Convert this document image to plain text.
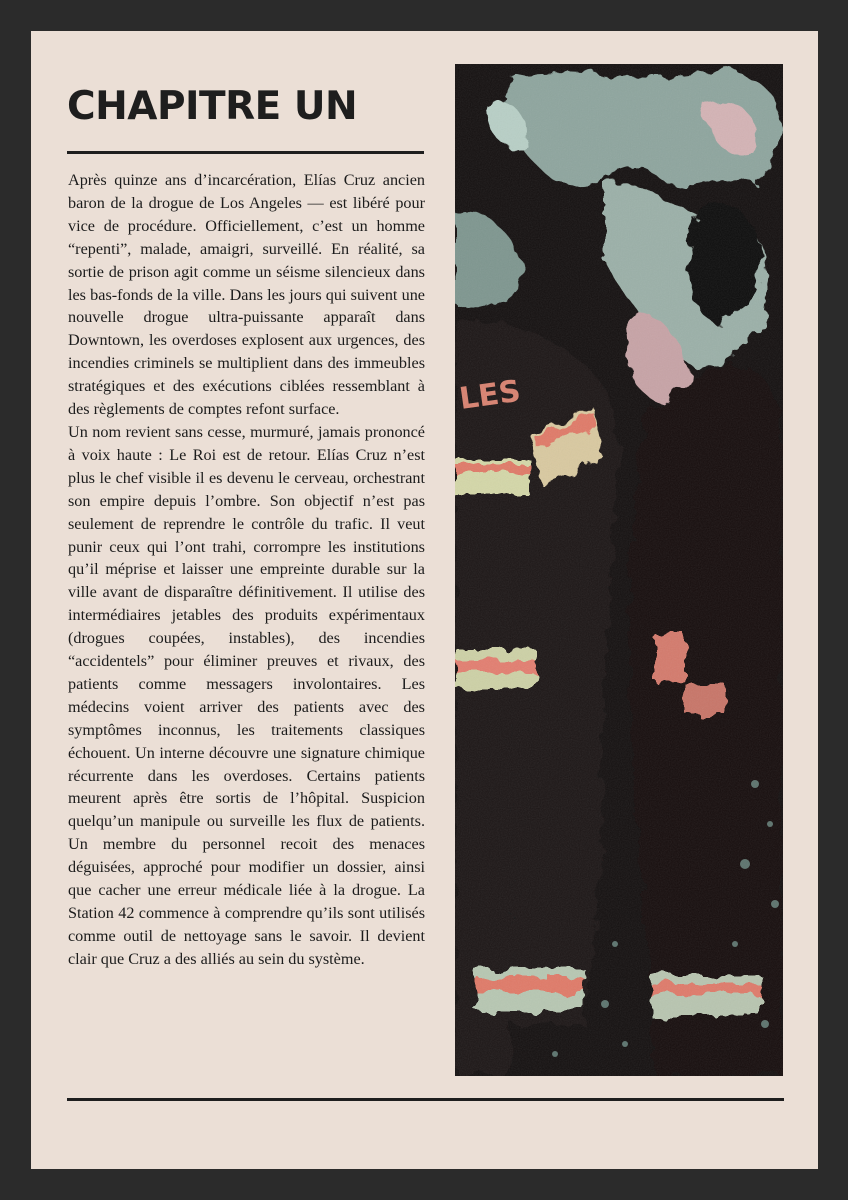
CHAPITRE UN

Après quinze ans d’incarcération, Elías Cruz ancien baron de la drogue de Los Angeles — est libéré pour vice de procédure. Officiellement, c’est un homme “repenti”, malade, amaigri, surveillé. En réalité, sa sortie de prison agit comme un séisme silencieux dans les bas-fonds de la ville. Dans les jours qui suivent une nouvelle drogue ultra-puissante apparaît dans Downtown, les overdoses explosent aux urgences, des incendies criminels se multiplient dans des immeubles stratégiques et des exécutions ciblées ressemblant à des règlements de comptes refont surface.

Un nom revient sans cesse, murmuré, jamais prononcé à voix haute : Le Roi est de retour. Elías Cruz n’est plus le chef visible il es devenu le cerveau, orchestrant son empire depuis l’ombre. Son objectif n’est pas seulement de reprendre le contrôle du trafic. Il veut punir ceux qui l’ont trahi, corrompre les institutions qu’il méprise et laisser une empreinte durable sur la ville avant de disparaître définitivement. Il utilise des intermédiaires jetables des produits expérimentaux (drogues coupées, instables), des incendies “accidentels” pour éliminer preuves et rivaux, des patients comme messagers involontaires. Les médecins voient arriver des patients avec des symptômes inconnus, les traitements classiques échouent. Un interne découvre une signature chimique récurrente dans les overdoses. Certains patients meurent après être sortis de l’hôpital. Suspicion quelqu’un manipule ou surveille les flux de patients. Un membre du personnel recoit des menaces déguisées, approché pour modifier un dossier, ainsi que cacher une erreur médicale liée à la drogue. La Station 42 commence à comprendre qu’ils sont utilisés comme outil de nettoyage sans le savoir. Il devient clair que Cruz a des alliés au sein du système.

LES
